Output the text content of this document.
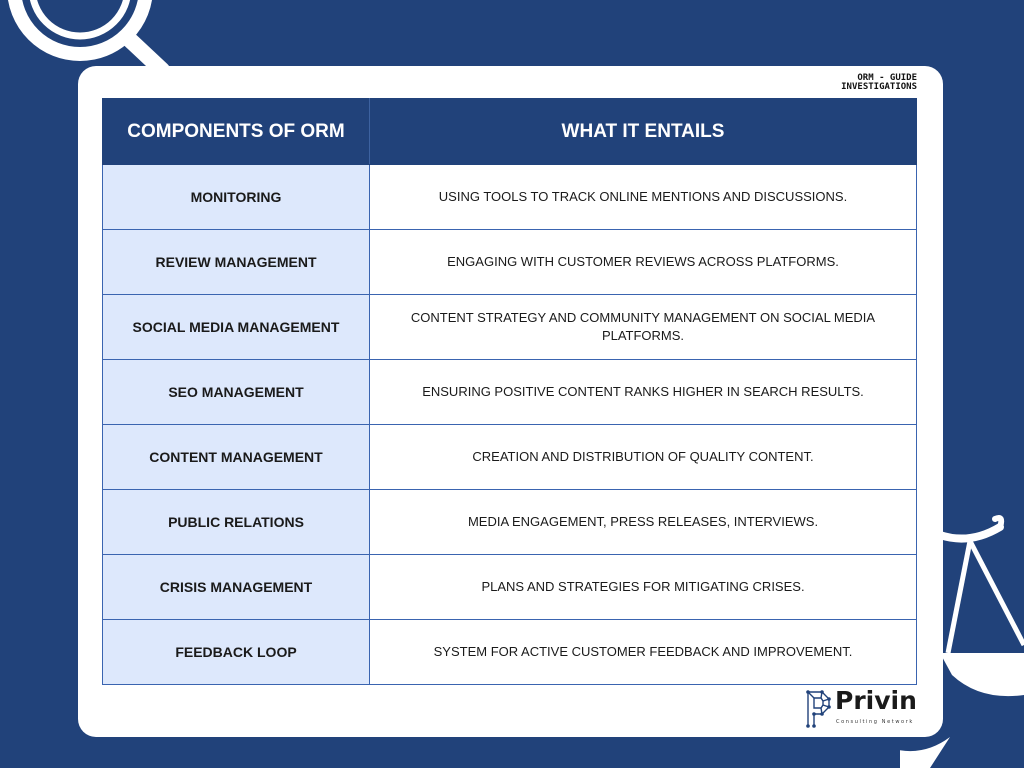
ORM - GUIDE
INVESTIGATIONS
COMPONENTS OF ORM	WHAT IT ENTAILS
MONITORING	USING TOOLS TO TRACK ONLINE MENTIONS AND DISCUSSIONS.
REVIEW MANAGEMENT	ENGAGING WITH CUSTOMER REVIEWS ACROSS PLATFORMS.
SOCIAL MEDIA MANAGEMENT	CONTENT STRATEGY AND COMMUNITY MANAGEMENT ON SOCIAL MEDIA PLATFORMS.
SEO MANAGEMENT	ENSURING POSITIVE CONTENT RANKS HIGHER IN SEARCH RESULTS.
CONTENT MANAGEMENT	CREATION AND DISTRIBUTION OF QUALITY CONTENT.
PUBLIC RELATIONS	MEDIA ENGAGEMENT, PRESS RELEASES, INTERVIEWS.
CRISIS MANAGEMENT	PLANS AND STRATEGIES FOR MITIGATING CRISES.
FEEDBACK LOOP	SYSTEM FOR ACTIVE CUSTOMER FEEDBACK AND IMPROVEMENT.
Privin
Consulting Network
